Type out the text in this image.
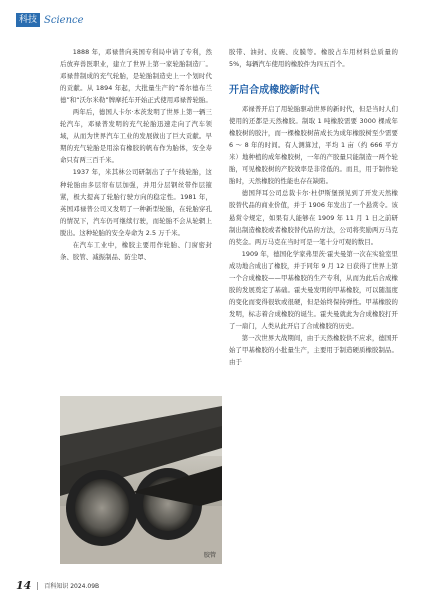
科技 Science

1888 年，邓禄普向英国专利局申请了专利，然后放弃兽医职业，建立了世界上第一家轮胎制造厂。邓禄普制成的充气轮胎，是轮胎制造史上一个划时代的贡献。从 1894 年起，大批量生产的“希尔德布兰德”和“沃尔米勒”牌摩托车开始正式使用邓禄普轮胎。

两年后，德国人卡尔·本茨发明了世界上第一辆三轮汽车，邓禄普发明的充气轮胎迅速走向了汽车领域，从而为世界汽车工业的发展做出了巨大贡献。早期的充气轮胎是用涂有橡胶的帆布作为胎体，安全寿命只有两三百千米。

1937 年，米其林公司研制出了子午线轮胎，这种轮胎由多层帘布层加强，并用分层钢丝带作层箍紧，极大提高了轮胎行驶方向的稳定性。1981 年，英国邓禄普公司又发明了一种新型轮胎，在轮胎穿孔的情况下，汽车仍可继续行驶，而轮胎不会从轮辋上脱出。这种轮胎的安全寿命为 2.5 万千米。

在汽车工业中，橡胶主要用作轮胎、门窗密封条、胶管、减振制品、防尘罩、

胶管

胶带、油封、皮碗、皮膜等。橡胶占车用材料总质量的 5%，每辆汽车使用的橡胶件为四五百个。

开启合成橡胶新时代

邓禄普开启了用轮胎驱动世界的新时代，但是当时人们使用的还都是天然橡胶。制取 1 吨橡胶需要 3000 棵成年橡胶树的胶汁，而一棵橡胶树苗成长为成年橡胶树至少需要 6 ～ 8 年的时间。有人测算过，平均 1 亩（约 666 平方米）地种植的成年橡胶树，一年的产胶量只能制造一两个轮胎，可见橡胶树的产胶效率是非常低的。而且，用于制作轮胎时，天然橡胶的性能也存在缺陷。

德国拜耳公司总裁卡尔·杜伊斯堡预见到了开发天然橡胶替代品的商业价值，并于 1906 年发出了一个悬赏令。该悬赏令规定，如果有人能够在 1909 年 11 月 1 日之前研制出制造橡胶或者橡胶替代品的方法，公司将奖励两万马克的奖金。两万马克在当时可是一笔十分可观的数目。

1909 年，德国化学家弗里茨·霍夫曼第一次在实验室里成功地合成出了橡胶，并于同年 9 月 12 日获得了世界上第一个合成橡胶——甲基橡胶的生产专利，从而为此后合成橡胶的发展奠定了基础。霍夫曼发明的甲基橡胶，可以随温度的变化而变得很软或很硬，但是始终保持弹性。甲基橡胶的发明，标志着合成橡胶的诞生。霍夫曼就此为合成橡胶打开了一扇门，人类从此开启了合成橡胶的历史。

第一次世界大战期间，由于天然橡胶供不应求，德国开始了甲基橡胶的小批量生产，主要用于制造硬质橡胶制品。由于

14 百科知识 2024.09B
